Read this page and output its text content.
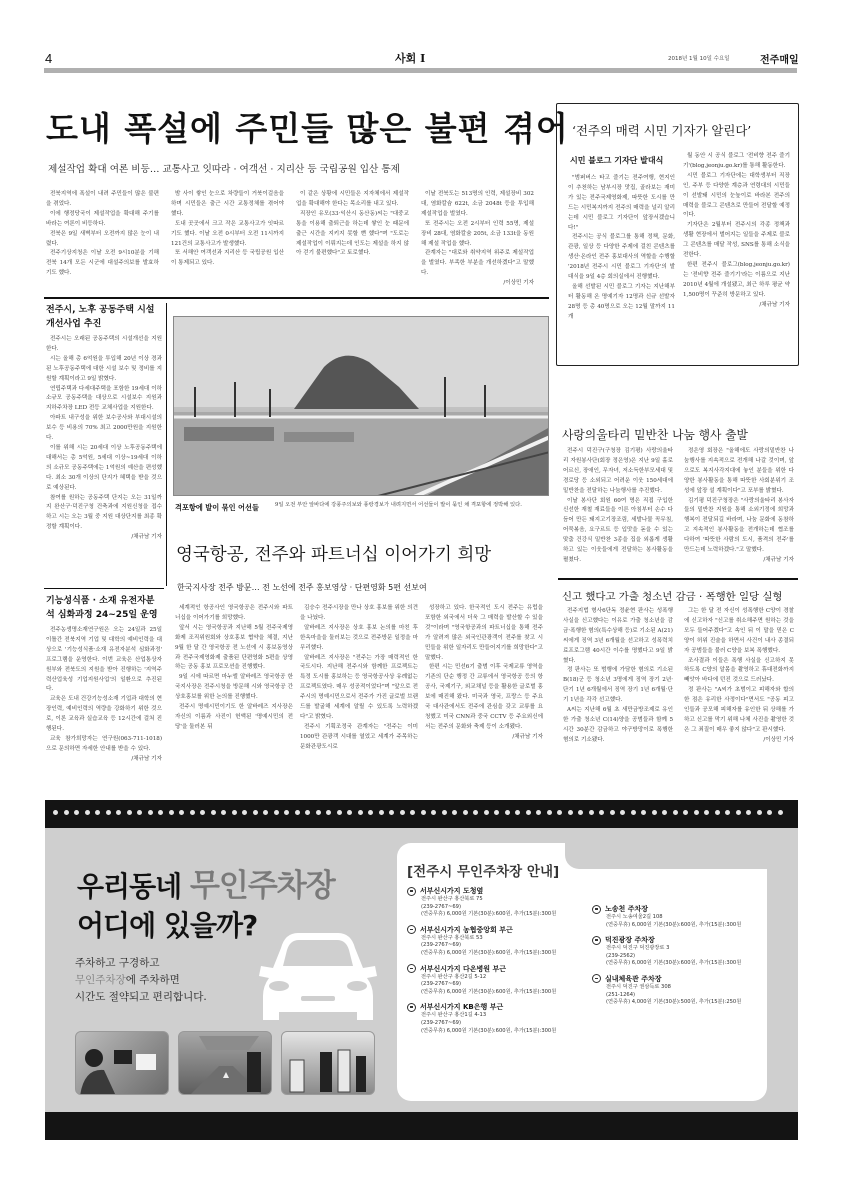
4	사회 I	2018년 1월 10일 수요일	전주매일
도내 폭설에 주민들 많은 불편 겪어
제설작업 확대 여론 비등… 교통사고 잇따라 · 여객선 · 지리산 등 국립공원 입산 통제

전북지역에 폭설이 내려 주민들이 많은 불편을 겪었다.

이에 행정당국이 제설작업을 확대해 주기를 바라는 여론이 비등하다.

전북은 9일 새벽부터 오전까지 많은 눈이 내렸다.

전주기상지청은 이날 오전 9시10분을 기해 전북 14개 모든 시군에 대설주의보를 발효하기도 했다.

밤 사이 쌓인 눈으로 차량들이 거북이걸음을 하며 시민들은 출근 시간 교통정체를 겪어야 했다.

도내 곳곳에서 크고 작은 교통사고가 잇따르기도 했다. 이날 오전 0시부터 오전 11시까지 121건의 교통사고가 발생했다.

또 서해안 여객선과 지리산 등 국립공원 입산이 통제되고 있다.

이 같은 상황에 시민들은 지자체에서 제설작업을 확대해야 한다는 목소리를 내고 있다.

직장인 유모(33·익산시 동산동)씨는 "대중교통을 이용해 출퇴근을 하는데 쌓인 눈 때문에 출근 시간을 지키지 못할 뻔 했다"며 "도로는 제설작업이 이뤄지는데 인도는 제설을 하지 않아 걷기 불편했다"고 토로했다.

이날 전북도는 513명의 인력, 제설장비 302대, 염화칼슘 622t, 소금 2048t 등을 투입해 제설작업을 벌였다.

또 전주시는 오전 2시부터 인력 55명, 제설장비 28대, 염화칼슘 205t, 소금 133t을 동원해 제설 작업을 했다.

관계자는 "대로와 취약지역 위주로 제설작업을 벌였다. 부족한 부분을 개선하겠다"고 말했다.

/이상민 기자
‘전주의 매력 시민 기자가 알린다’
시민 블로그 기자단 발대식

"범퍼버스 타고 즐기는 전주여행, 현지인이 추천하는 남부시장 맛집, 골라보는 재미가 있는 전주국제영화제, 따뜻한 도시를 만드는 시민복지까지 전주의 매력을 널리 알리는데 시민 블로그 기자단이 앞장서겠습니다!"

전주시는 공식 블로그를 통해 정책, 문화, 관광, 일상 등 다양한 주제에 걸친 콘텐츠를 생산·온라인 전주 홍보대사의 역할을 수행할 '2018년 전주시 시민 블로그 기자단'의 발대식을 9일 4층 회의실에서 진행했다.

올해 선발된 시민 블로그 기자는 지난해부터 활동해 온 명예기자 12명과 신규 선발자 28명 등 총 40명으로 오는 12월 말까지 11개

월 동안 시 공식 블로그 '전비향 전주 즐기기'(blog.jeonju.go.kr)를 통해 활동한다.

시민 블로그 기자단에는 대학생부터 직장인, 주부 등 다양한 계층과 연령대의 시민들이 선발돼 시민의 눈높이로 바라본 전주의 매력을 블로그 콘텐츠로 만들어 전달할 예정이다.

기자단은 2월부터 전주시의 각종 정책과 생활 현장에서 벌어지는 일들을 주제로 블로그 콘텐츠를 매달 작성, SNS를 통해 소식을 전한다.

한편 전주시 블로그(blog.jeonju.go.kr)는 '전비향 전주 즐기기'라는 이름으로 지난 2010년 4월에 개설됐고, 최근 하루 평균 약 1,500명이 꾸준히 방문하고 있다.

/채규남 기자
전주시, 노후 공동주택 시설 개선사업 추진

전주시는 오래된 공동주택의 시설개선을 지원한다.

시는 올해 총 6억원을 투입해 20년 이상 경과된 노후공동주택에 대한 시설 보수 및 정비를 지원할 계획이라고 9일 밝혔다.

연립주택과 다세대주택을 포함한 19세대 이하 소규모 공동주택을 대상으로 시설보수 지원과 지하주차장 LED 전등 교체사업을 지원한다.

아파트 내구성을 위한 보수공사와 부대시설의 보수 등 비용의 70% 최고 2000만원을 지원한다.

이를 위해 시는 20세대 이상 노후공동주택에 대해서는 총 5억원, 5세대 이상~19세대 이하의 소규모 공동주택에는 1억원의 예산을 편성했다. 최소 30개 이상의 단지가 혜택을 받을 것으로 예상된다.

참여를 원하는 공동주택 단지는 오는 31일까지 완산구·덕진구청 건축과에 지원신청을 접수하고 시는 오는 3월 중 지원 대상단지를 최종 확정할 계획이다.

/채규남 기자
격포항에 발이 묶인 어선들	9일 오전 부안 앞바다에 강풍주의보와 풍랑경보가 내려지면서 어선들이 발이 묶인 채 격포항에 정박해 있다.
영국항공, 전주와 파트너십 이어가기 희망
한국지사장 전주 방문… 전 노선에 전주 홍보영상 · 단편영화 5편 선보여

세계적인 항공사인 영국항공은 전주시와 파트너십을 이어가기를 희망했다.

앞서 시는 영국항공과 지난해 5월 전주국제영화제 조직위원회와 상호홍보 협약을 체결, 지난 9월 한 달 간 영국항공 전 노선에 시 홍보동영상과 전주국제영화제 출품된 단편영화 5편을 상영하는 공동 홍보 프로모션을 진행했다.

9일 시에 따르면 마누엘 알바레즈 영국항공 한국지사장은 전주시청을 방문해 시와 영국항공 간 상호홍보를 위한 논의를 진행했다.

전주시 명예시민이기도 한 알바레즈 지사장은 자신의 이름과 사진이 헌액된 '명예시민의 전당'을 둘러본 뒤

김승수 전주시장을 만나 상호 홍보를 위한 의견을 나눴다.

알바레즈 지사장은 상호 홍보 논의를 마친 후 한옥마을을 둘러보는 것으로 전주방문 일정을 마무리했다.

알바레즈 지사장은 "전주는 가장 매력적인 한국도시다. 지난해 전주시와 함께한 프로젝트는 특정 도시를 홍보하는 등 영국항공사상 유례없는 프로젝트였다. 매우 성공적이었다"며 "앞으로 전주시의 명예시민으로서 전주가 가진 글로벌 브랜드를 발굴해 세계에 알릴 수 있도록 노력하겠다"고 밝혔다.

전주시 기획조정국 관계자는 "전주는 이미 1000만 관광객 시대를 열었고 세계가 주목하는 문화관광도시로

성장하고 있다. 한국적인 도시 전주는 유럽을 포함한 외국에서 더욱 그 매력을 발산할 수 있을 것"이라며 "영국항공과의 파트너십을 통해 전주가 알려져 많은 외국인관광객이 전주를 찾고 시민들을 위한 일자리도 만들어지기를 희망한다"고 말했다.

한편 시는 민선6기 출범 이후 국제교류 영역을 기존의 단순 행정 간 교류에서 영국항공 등의 항공사, 국제기구, 외교채널 등을 활용한 글로벌 홍보에 매진해 왔다. 미국과 영국, 프랑스 등 주요국 대사관에서도 전주에 관심을 갖고 교류를 요청했고 미국 CNN과 중국 CCTV 등 주요외신에서는 전주의 문화와 축제 등이 소개됐다.

/채규남 기자
기능성식품 · 소재 유전자분석 심화과정 24~25일 운영

전주농생명소재연구원은 오는 24일과 25일 이틀간 전북지역 기업 및 대학의 예비인력을 대상으로 '기능성식품·소재 유전자분석 심화과정' 프로그램을 운영한다. 이번 교육은 산업통상자원부와 전북도의 지원을 받아 진행하는 '지역주력산업육성 기업지원사업'의 일환으로 추진된다.

교육은 도내 건강기능성소재 기업과 대학의 현장인력, 예비인력의 역량을 강화하기 위한 것으로, 이론 교육과 실습교육 등 12시간에 걸쳐 진행된다.

교육 참가희망자는 연구원(063-711-1018)으로 문의하면 자세한 안내를 받을 수 있다.

/채규남 기자
사랑의울타리 밑반찬 나눔 행사 출발

전주시 덕진구(구청장 김기평) 사랑의울타리 자원봉사단(회장 정은영)은 지난 9일 홀로어르신, 장애인, 무자녀, 저소득한부모세대 및 경로당 등 소외되고 어려운 이웃 150세대에 밑반찬을 전달하는 나눔행사를 추진했다.

이날 봉사단 회원 60여 명은 직접 구입한 신선한 재철 재료들을 이른 아침부터 손수 다듬어 만든 돼지고기장조림, 세발나물 꼭무침, 어묵볶음, 요구르트 등 입맛을 돋을 수 있는 맞춤 건강식 밑반찬 3종을 집을 외롭게 생활하고 있는 이웃들에게 전달하는 봉사활동을 펼쳤다.

정은영 회장은 "올해에도 사랑의밑반찬 나눔행사를 지속적으로 전개해 나갈 것이며, 앞으로도 복지사각지대에 놓인 분들을 위한 다양한 봉사활동을 통해 따뜻한 사회분위기 조성에 앞장 설 계획이다"고 포부를 밝혔다.

김기평 덕진구청장은 "사랑의울타리 봉사자들의 밑반찬 지원을 통해 소외기정에 희망과 행복이 전달되길 바라며, 나눔 문화에 동참하고 지속적인 봉사활동을 전개하는데 협조를 다하여 '따뜻한 사람의 도시, 품격의 전주'를 만드는데 노력하겠다."고 말했다.

/채규남 기자
신고 했다고 가출 청소년 감금 · 폭행한 일당 실형

전주지법 형사6단독 정윤현 판사는 성폭행 사실을 신고했다는 이유로 가출 청소년을 감금·폭행한 혐의(특수상해 등)로 기소된 A(21)씨에게 징역 3년 6개월을 선고하고 성폭력치료프로그램 40시간 이수를 명했다고 9일 밝혔다.

정 판사는 또 범행에 가담한 혐의로 기소된 B(18)군 등 청소년 3명에게 징역 장기 2년·단기 1년 6개월에서 징역 장기 1년 6개월·단기 1년을 각각 선고했다.

A씨는 지난해 6월 초 새만금방조제로 유인한 가출 청소년 C(14)양을 공범들과 함께 5시간 30분간 감금하고 야구방망이로 폭행한 혐의로 기소됐다.

그는 한 달 전 자신이 성폭행한 C양이 경찰에 신고하자 "신고를 취소해주면 원하는 것을 모두 들어주겠다"고 속인 뒤 이 말을 믿은 C양이 허위 진술을 하면서 사건이 내사 종결되자 공범들을 불러 C양을 보복 폭행했다.

조사결과 이들은 폭행 사실을 신고하지 못하도록 C양의 알몸을 촬영하고 휴대전화까지 빼앗아 바다에 던진 것으로 드러났다.

정 판사는 "A씨가 초범이고 피해자와 합의한 점은 유리한 사정이다"면서도 "공동 피고인들과 공모해 피해자를 유인한 뒤 상해를 가하고 신고를 막기 위해 나체 사진을 촬영한 것은 그 죄질이 매우 좋지 않다"고 판시했다.

/이상민 기자
우리동네 무인주차장
어디에 있을까?
주차하고 구경하고
무인주차장에 주차하면
시간도 절약되고 편리합니다.
[전주시 무인주차장 안내]
서부신시가지 도청옆
전주시 완산구 홍산북로 75
(239-2767~69)
(연중무휴) 6,000원 기본(30분):600원, 추가(15분):300원
서부신시가지 농협중앙회 부근
전주시 완산구 홍산북로 53
(239-2767~69)
(연중무휴) 6,000원 기본(30분):600원, 추가(15분):300원
서부신시가지 다온병원 부근
전주시 완산구 홍산2길 5-12
(239-2767~69)
(연중무휴) 6,000원 기본(30분):600원, 추가(15분):300원
서부신시가지 KB은행 부근
전주시 완산구 홍산1길 4-13
(239-2767~69)
(연중무휴) 6,000원 기본(30분):600원, 추가(15분):300원
노송천 주차장
전주시 노송여울2길 108
(연중무휴) 6,000원 기본(30분):600원, 추가(15분):300원
덕진광장 주차장
전주시 덕진구 덕진광장로 3
(239-2562)
(연중무휴) 6,000원 기본(30분):600원, 추가(15분):300원
실내체육관 주차장
전주시 덕진구 권삼득로 308
(251-1264)
(연중무휴) 4,000원 기본(30분):500원, 추가(15분):250원
